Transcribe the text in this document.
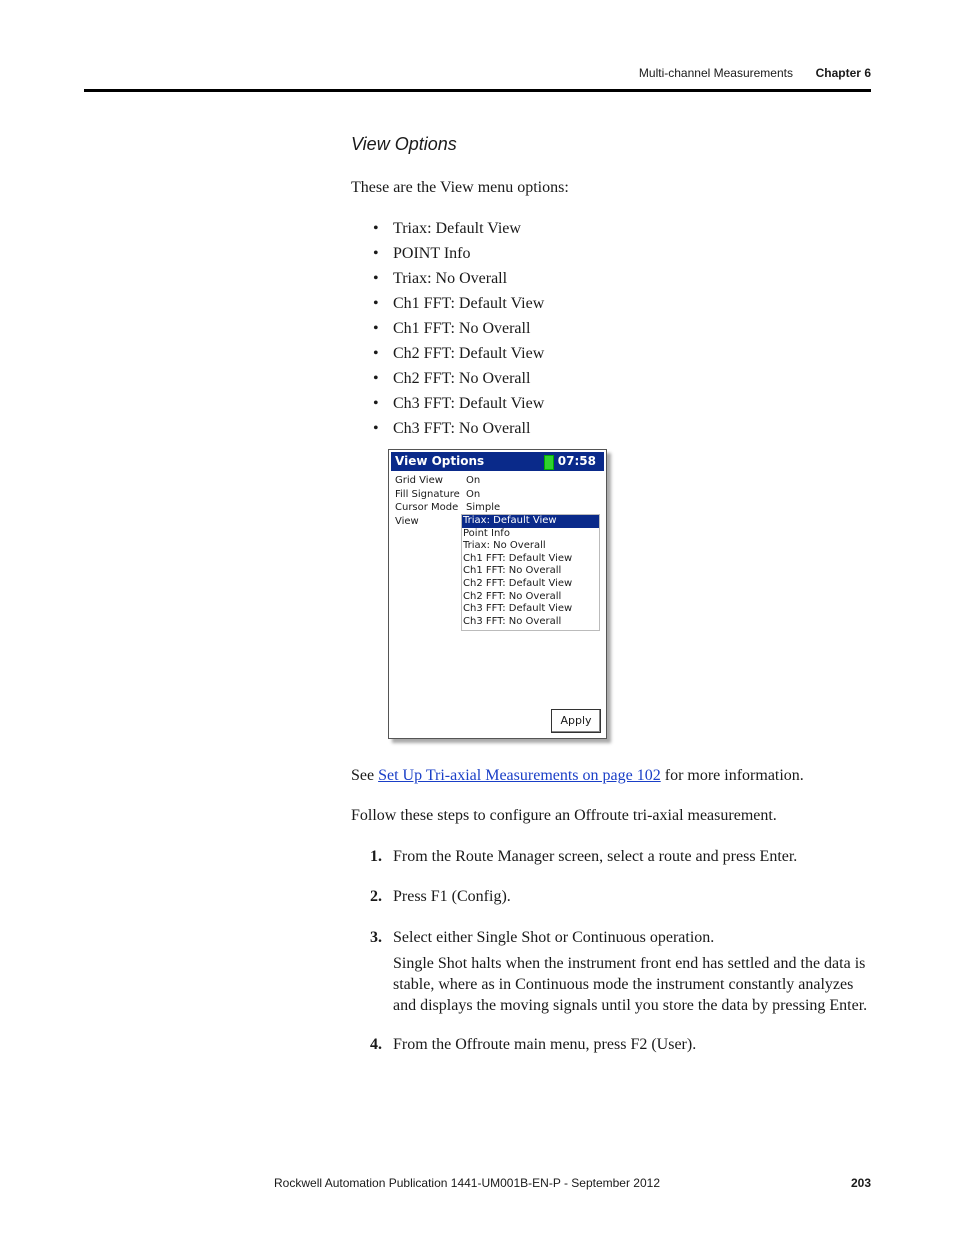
Multi-channel Measurements Chapter 6
View Options
These are the View menu options:
• Triax: Default View
• POINT Info
• Triax: No Overall
• Ch1 FFT: Default View
• Ch1 FFT: No Overall
• Ch2 FFT: Default View
• Ch2 FFT: No Overall
• Ch3 FFT: Default View
• Ch3 FFT: No Overall
View Options	07:58
Grid View On
Fill Signature On
Cursor Mode Simple
View	Triax: Default View
Point Info
Triax: No Overall
Ch1 FFT: Default View
Ch1 FFT: No Overall
Ch2 FFT: Default View
Ch2 FFT: No Overall
Ch3 FFT: Default View
Ch3 FFT: No Overall
Apply
See Set Up Tri-axial Measurements on page 102 for more information.
Follow these steps to configure an Offroute tri-axial measurement.
1. From the Route Manager screen, select a route and press Enter.
2. Press F1 (Config).
3. Select either Single Shot or Continuous operation.
Single Shot halts when the instrument front end has settled and the data is stable, where as in Continuous mode the instrument constantly analyzes and displays the moving signals until you store the data by pressing Enter.
4. From the Offroute main menu, press F2 (User).
Rockwell Automation Publication 1441-UM001B-EN-P - September 2012	203
